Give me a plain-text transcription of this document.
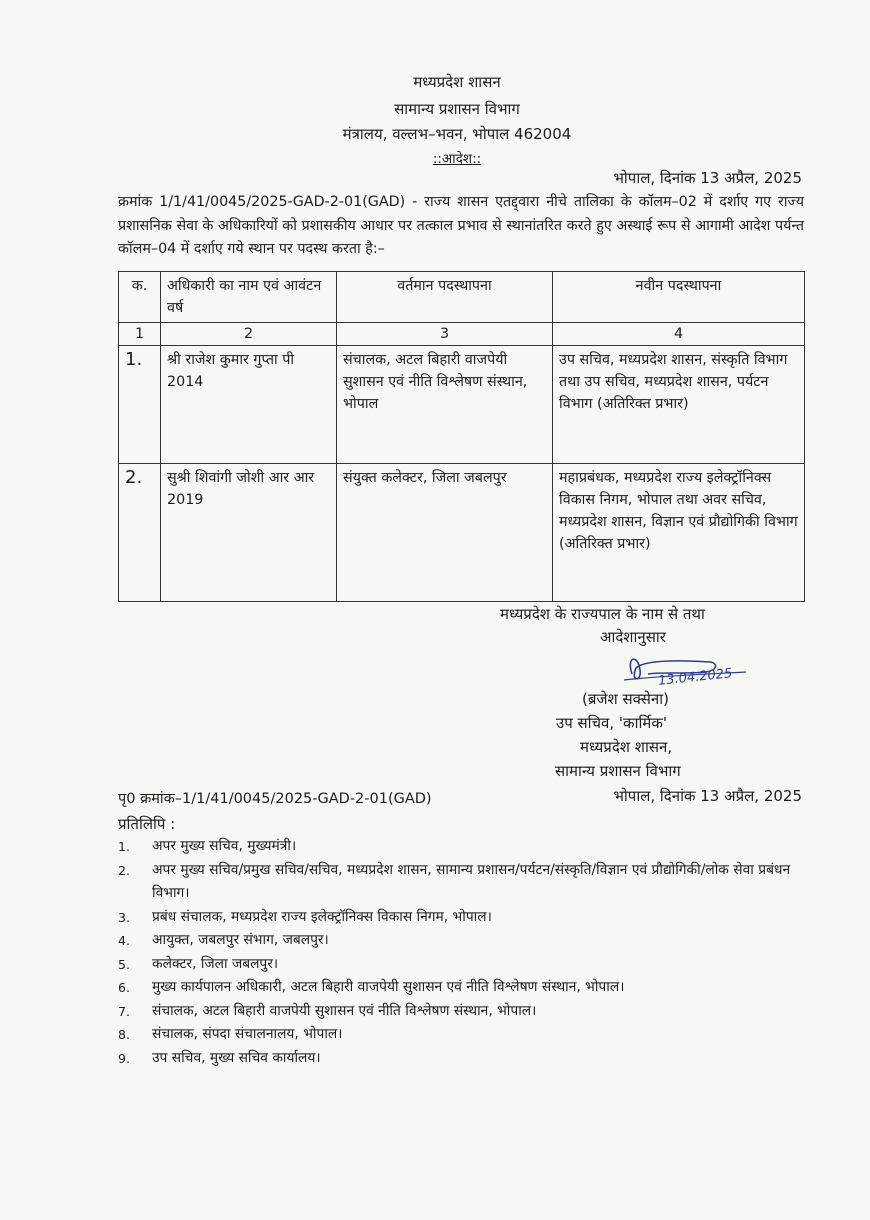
मध्यप्रदेश शासन
सामान्य प्रशासन विभाग
मंत्रालय, वल्लभ–भवन, भोपाल 462004
::आदेश::
भोपाल, दिनांक 13 अप्रैल, 2025
क्रमांक 1/1/41/0045/2025-GAD-2-01(GAD) - राज्य शासन एतद्द्वारा नीचे तालिका के कॉलम–02 में दर्शाए गए राज्य प्रशासनिक सेवा के अधिकारियों को प्रशासकीय आधार पर तत्काल प्रभाव से स्थानांतरित करते हुए अस्थाई रूप से आगामी आदेश पर्यन्त कॉलम–04 में दर्शाए गये स्थान पर पदस्थ करता है:–
क.	अधिकारी का नाम एवं आवंटन वर्ष	वर्तमान पदस्थापना	नवीन पदस्थापना
1	2	3	4
1.	श्री राजेश कुमार गुप्ता पी 2014	संचालक, अटल बिहारी वाजपेयी सुशासन एवं नीति विश्लेषण संस्थान, भोपाल	उप सचिव, मध्यप्रदेश शासन, संस्कृति विभाग तथा उप सचिव, मध्यप्रदेश शासन, पर्यटन विभाग (अतिरिक्त प्रभार)
2.	सुश्री शिवांगी जोशी आर आर 2019	संयुक्त कलेक्टर, जिला जबलपुर	महाप्रबंधक, मध्यप्रदेश राज्य इलेक्ट्रॉनिक्स विकास निगम, भोपाल तथा अवर सचिव, मध्यप्रदेश शासन, विज्ञान एवं प्रौद्योगिकी विभाग (अतिरिक्त प्रभार)
मध्यप्रदेश के राज्यपाल के नाम से तथा
आदेशानुसार
13.04.2025
(ब्रजेश सक्सेना)
उप सचिव, 'कार्मिक'
मध्यप्रदेश शासन,
सामान्य प्रशासन विभाग
पृ0 क्रमांक–1/1/41/0045/2025-GAD-2-01(GAD)	भोपाल, दिनांक 13 अप्रैल, 2025
प्रतिलिपि :
1. अपर मुख्य सचिव, मुख्यमंत्री।
2. अपर मुख्य सचिव/प्रमुख सचिव/सचिव, मध्यप्रदेश शासन, सामान्य प्रशासन/पर्यटन/संस्कृति/विज्ञान एवं प्रौद्योगिकी/लोक सेवा प्रबंधन विभाग।
3. प्रबंध संचालक, मध्यप्रदेश राज्य इलेक्ट्रॉनिक्स विकास निगम, भोपाल।
4. आयुक्त, जबलपुर संभाग, जबलपुर।
5. कलेक्टर, जिला जबलपुर।
6. मुख्य कार्यपालन अधिकारी, अटल बिहारी वाजपेयी सुशासन एवं नीति विश्लेषण संस्थान, भोपाल।
7. संचालक, अटल बिहारी वाजपेयी सुशासन एवं नीति विश्लेषण संस्थान, भोपाल।
8. संचालक, संपदा संचालनालय, भोपाल।
9. उप सचिव, मुख्य सचिव कार्यालय।
